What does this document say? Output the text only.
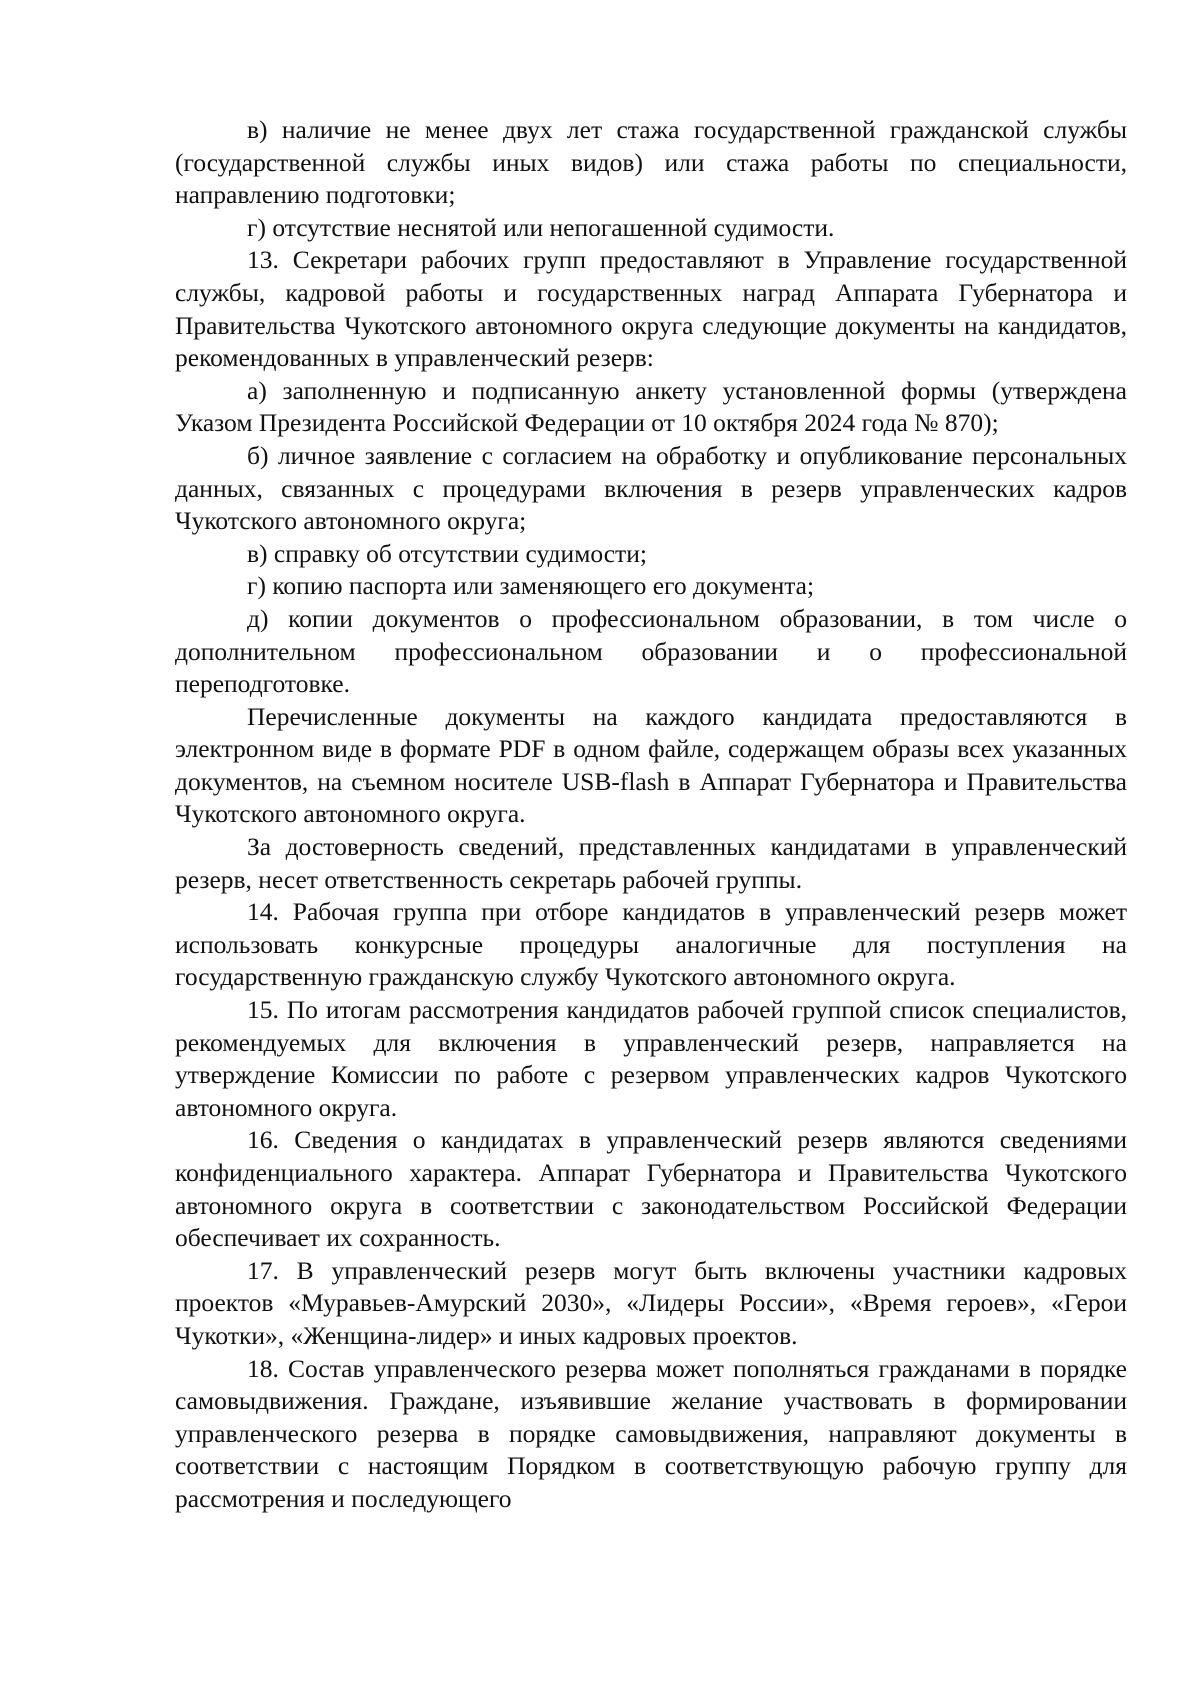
в) наличие не менее двух лет стажа государственной гражданской службы (государственной службы иных видов) или стажа работы по специальности, направлению подготовки;

г) отсутствие неснятой или непогашенной судимости.

13. Секретари рабочих групп предоставляют в Управление государственной службы, кадровой работы и государственных наград Аппарата Губернатора и Правительства Чукотского автономного округа следующие документы на кандидатов, рекомендованных в управленческий резерв:

а) заполненную и подписанную анкету установленной формы (утверждена Указом Президента Российской Федерации от 10 октября 2024 года № 870);

б) личное заявление с согласием на обработку и опубликование персональных данных, связанных с процедурами включения в резерв управленческих кадров Чукотского автономного округа;

в) справку об отсутствии судимости;

г) копию паспорта или заменяющего его документа;

д) копии документов о профессиональном образовании, в том числе о дополнительном профессиональном образовании и о профессиональной переподготовке.

Перечисленные документы на каждого кандидата предоставляются в электронном виде в формате PDF в одном файле, содержащем образы всех указанных документов, на съемном носителе USB-flash в Аппарат Губернатора и Правительства Чукотского автономного округа.

За достоверность сведений, представленных кандидатами в управленческий резерв, несет ответственность секретарь рабочей группы.

14. Рабочая группа при отборе кандидатов в управленческий резерв может использовать конкурсные процедуры аналогичные для поступления на государственную гражданскую службу Чукотского автономного округа.

15. По итогам рассмотрения кандидатов рабочей группой список специалистов, рекомендуемых для включения в управленческий резерв, направляется на утверждение Комиссии по работе с резервом управленческих кадров Чукотского автономного округа.

16. Сведения о кандидатах в управленческий резерв являются сведениями конфиденциального характера. Аппарат Губернатора и Правительства Чукотского автономного округа в соответствии с законодательством Российской Федерации обеспечивает их сохранность.

17. В управленческий резерв могут быть включены участники кадровых проектов «Муравьев-Амурский 2030», «Лидеры России», «Время героев», «Герои Чукотки», «Женщина-лидер» и иных кадровых проектов.

18. Состав управленческого резерва может пополняться гражданами в порядке самовыдвижения. Граждане, изъявившие желание участвовать в формировании управленческого резерва в порядке самовыдвижения, направляют документы в соответствии с настоящим Порядком в соответствующую рабочую группу для рассмотрения и последующего
